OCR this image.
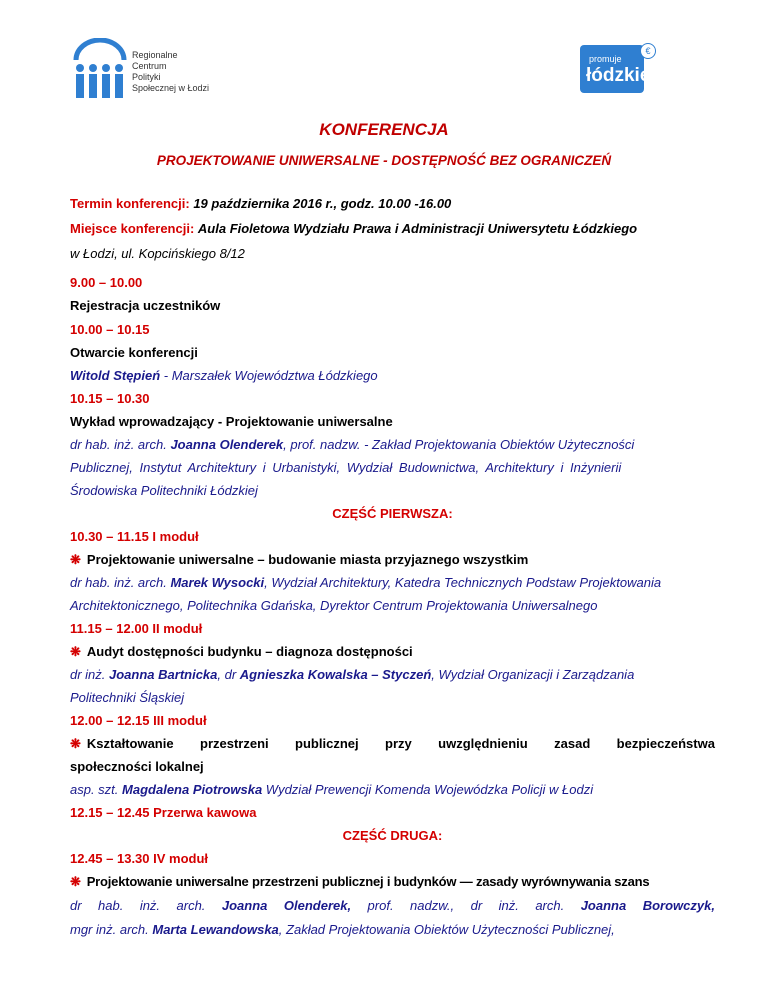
Regionalne
Centrum
Polityki
Społecznej w Łodzi
promuje
łódzkie
€
KONFERENCJA
PROJEKTOWANIE UNIWERSALNE - DOSTĘPNOŚĆ BEZ OGRANICZEŃ
Termin konferencji: 19 października 2016 r., godz. 10.00 -16.00
Miejsce konferencji: Aula Fioletowa Wydziału Prawa i Administracji Uniwersytetu Łódzkiego
w Łodzi, ul. Kopcińskiego 8/12
9.00 – 10.00
Rejestracja uczestników
10.00 – 10.15
Otwarcie konferencji
Witold Stępień - Marszałek Województwa Łódzkiego
10.15 – 10.30
Wykład wprowadzający - Projektowanie uniwersalne
dr hab. inż. arch. Joanna Olenderek, prof. nadzw. - Zakład Projektowania Obiektów Użyteczności
Publicznej, Instytut Architektury i Urbanistyki, Wydział Budownictwa, Architektury i Inżynierii
Środowiska Politechniki Łódzkiej
CZĘŚĆ PIERWSZA:
10.30 – 11.15 I moduł
❋ Projektowanie uniwersalne – budowanie miasta przyjaznego wszystkim
dr hab. inż. arch. Marek Wysocki, Wydział Architektury, Katedra Technicznych Podstaw Projektowania
Architektonicznego, Politechnika Gdańska, Dyrektor Centrum Projektowania Uniwersalnego
11.15 – 12.00 II moduł
❋ Audyt dostępności budynku – diagnoza dostępności
dr inż. Joanna Bartnicka, dr Agnieszka Kowalska – Styczeń, Wydział Organizacji i Zarządzania
Politechniki Śląskiej
12.00 – 12.15 III moduł
❋ Kształtowanie przestrzeni publicznej przy uwzględnieniu zasad bezpieczeństwa
społeczności lokalnej
asp. szt. Magdalena Piotrowska Wydział Prewencji Komenda Wojewódzka Policji w Łodzi
12.15 – 12.45 Przerwa kawowa
CZĘŚĆ DRUGA:
12.45 – 13.30 IV moduł
❋ Projektowanie uniwersalne przestrzeni publicznej i budynków — zasady wyrównywania szans
dr hab. inż. arch. Joanna Olenderek, prof. nadzw., dr inż. arch. Joanna Borowczyk,
mgr inż. arch. Marta Lewandowska, Zakład Projektowania Obiektów Użyteczności Publicznej,
